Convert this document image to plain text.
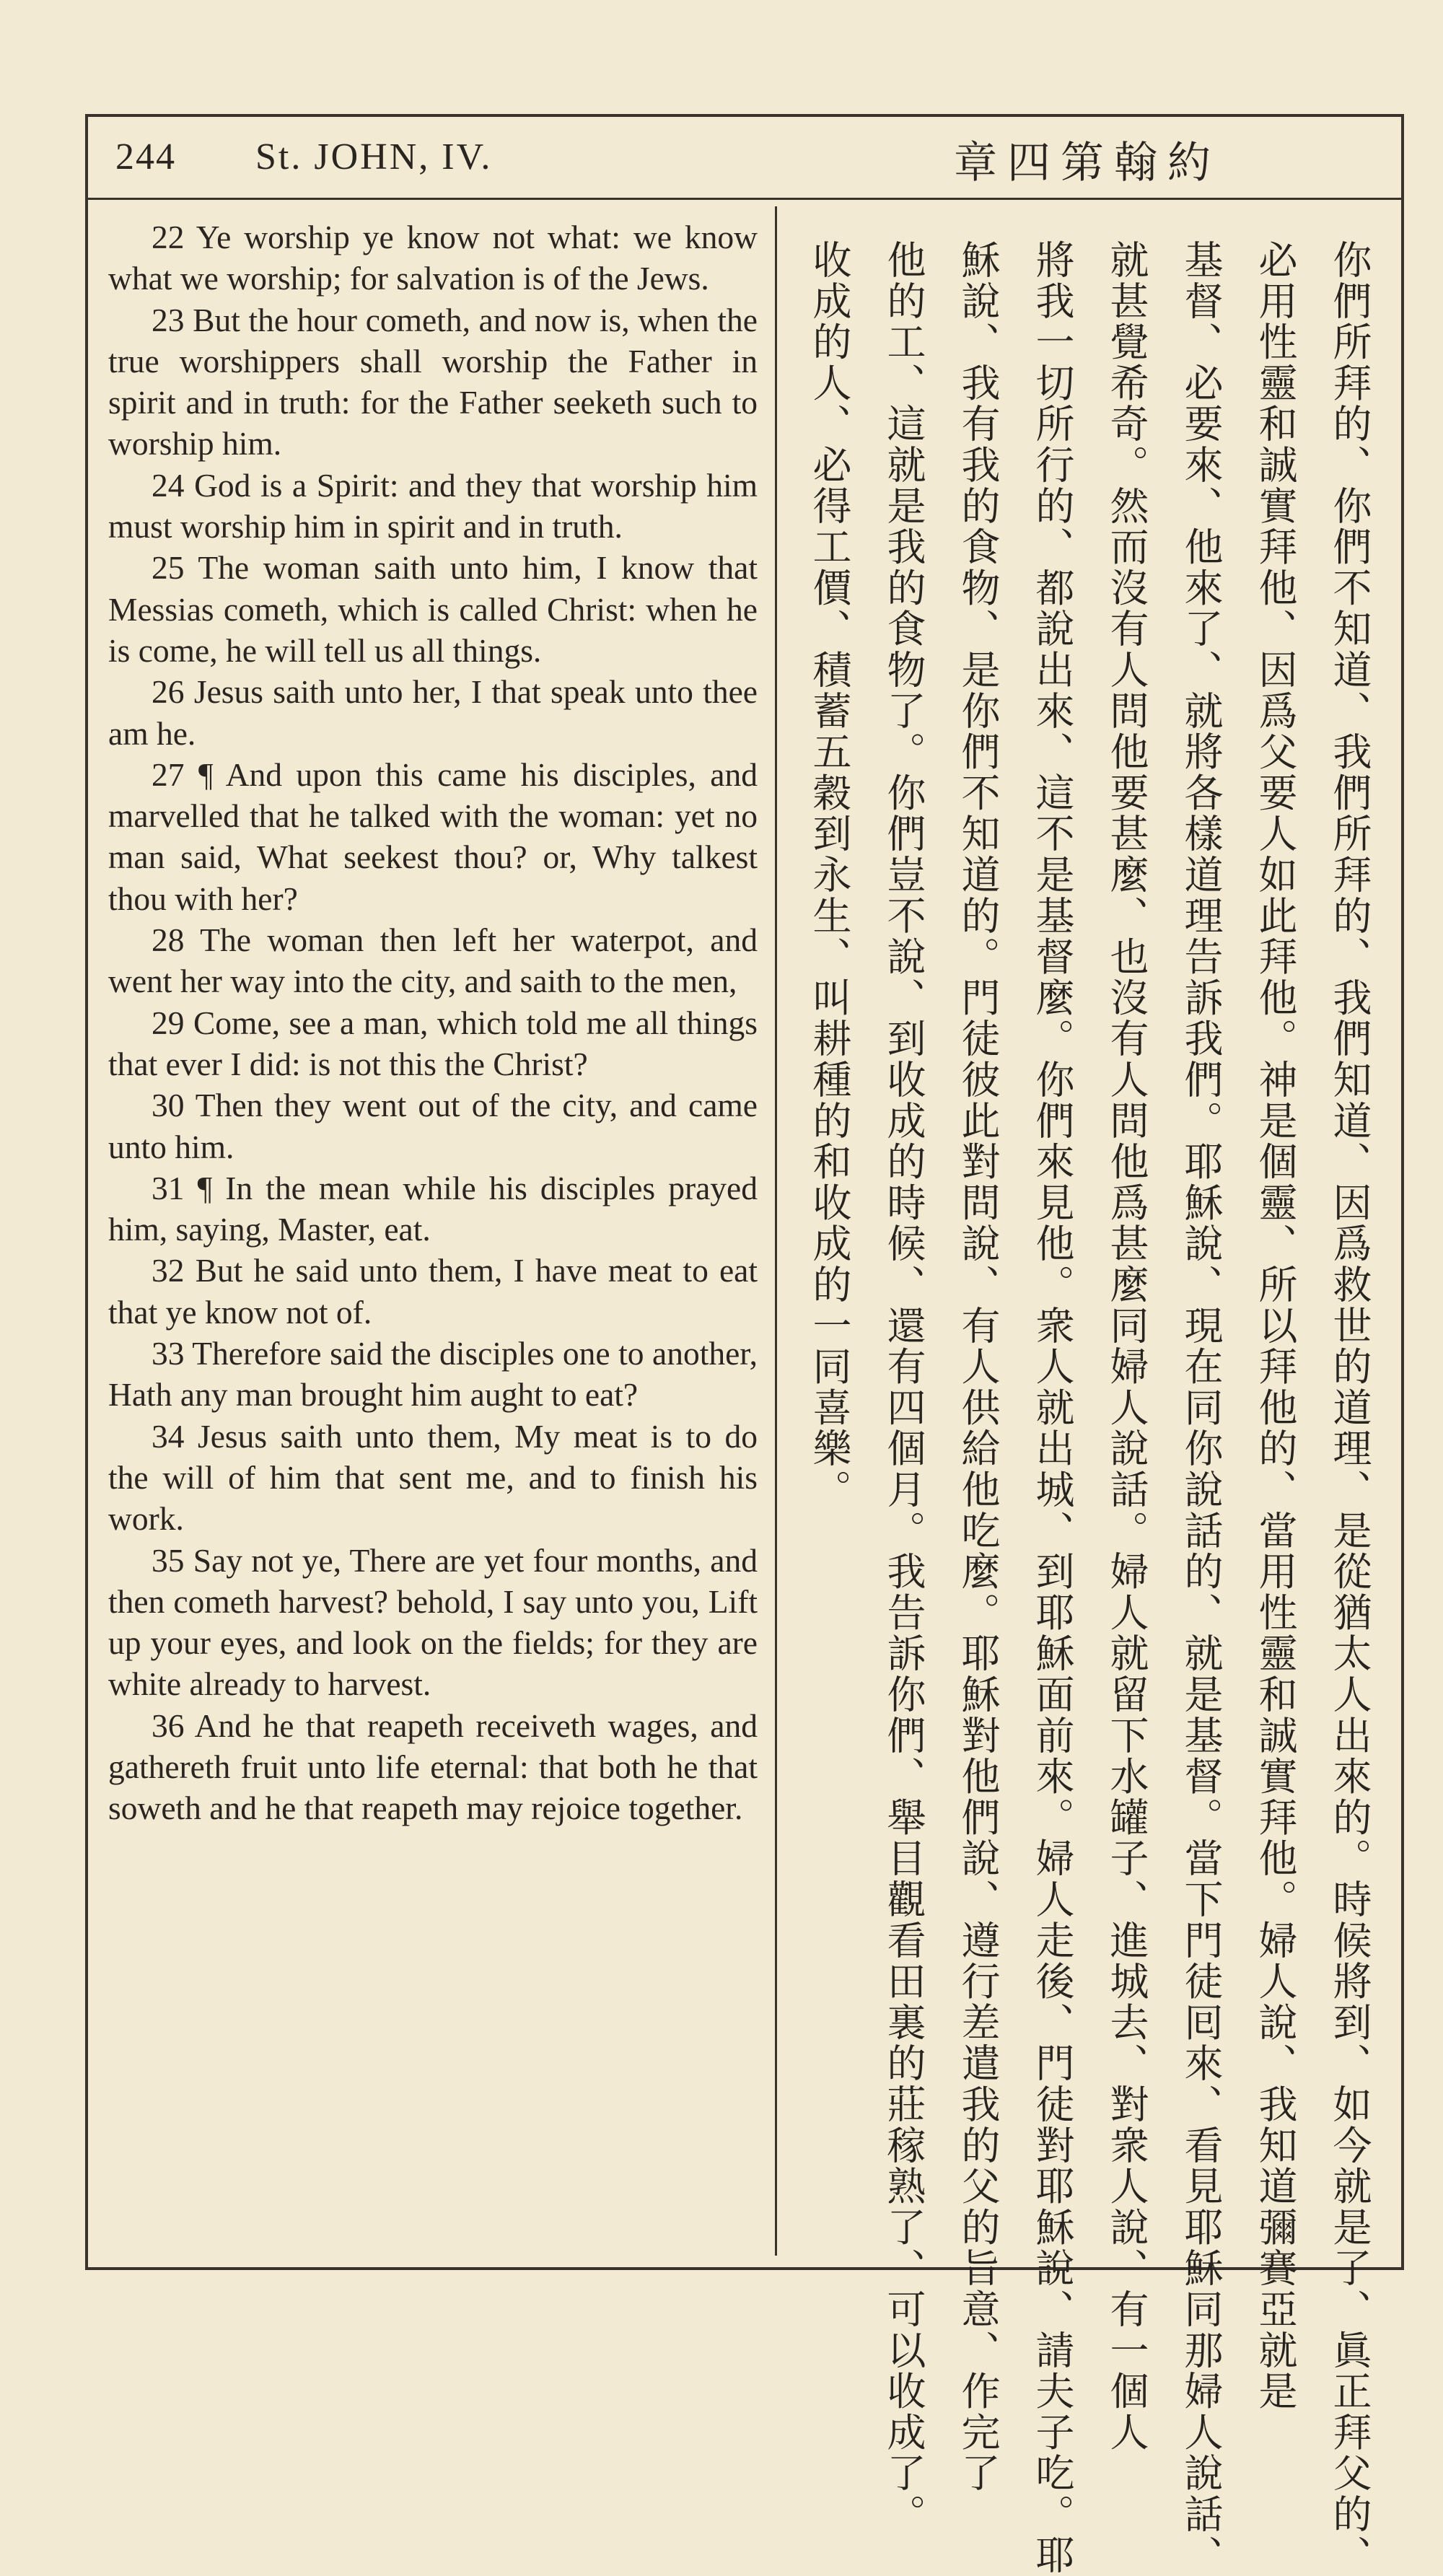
244 St. JOHN, IV.	章四第翰約

22 Ye worship ye know not what: we know what we worship; for salvation is of the Jews.

23 But the hour cometh, and now is, when the true worshippers shall worship the Father in spirit and in truth: for the Father seeketh such to worship him.

24 God is a Spirit: and they that worship him must worship him in spirit and in truth.

25 The woman saith unto him, I know that Messias cometh, which is called Christ: when he is come, he will tell us all things.

26 Jesus saith unto her, I that speak unto thee am he.

27 ¶ And upon this came his disciples, and marvelled that he talked with the woman: yet no man said, What seekest thou? or, Why talkest thou with her?

28 The woman then left her waterpot, and went her way into the city, and saith to the men,

29 Come, see a man, which told me all things that ever I did: is not this the Christ?

30 Then they went out of the city, and came unto him.

31 ¶ In the mean while his disciples prayed him, saying, Master, eat.

32 But he said unto them, I have meat to eat that ye know not of.

33 Therefore said the disciples one to another, Hath any man brought him aught to eat?

34 Jesus saith unto them, My meat is to do the will of him that sent me, and to finish his work.

35 Say not ye, There are yet four months, and then cometh harvest? behold, I say unto you, Lift up your eyes, and look on the fields; for they are white already to harvest.

36 And he that reapeth receiveth wages, and gathereth fruit unto life eternal: that both he that soweth and he that reapeth may rejoice together.	你們所拜的、你們不知道、我們所拜的、我們知道、因爲救世的道理、是從猶太人出來的。時候將到、如今就是了、眞正拜父的、
必用性靈和誠實拜他、因爲父要人如此拜他。神是個靈、所以拜他的、當用性靈和誠實拜他。婦人說、我知道彌賽亞就是
基督、必要來、他來了、就將各樣道理告訴我們。耶穌說、現在同你說話的、就是基督。當下門徒囘來、看見耶穌同那婦人說話、
就甚覺希奇。然而沒有人問他要甚麼、也沒有人問他爲甚麼同婦人說話。婦人就留下水罐子、進城去、對衆人說、有一個人
將我一切所行的、都說出來、這不是基督麼。你們來見他。衆人就出城、到耶穌面前來。婦人走後、門徒對耶穌說、請夫子吃。耶
穌說、我有我的食物、是你們不知道的。門徒彼此對問說、有人供給他吃麼。耶穌對他們說、遵行差遣我的父的旨意、作完了
他的工、這就是我的食物了。你們豈不說、到收成的時候、還有四個月。我告訴你們、舉目觀看田裏的莊稼熟了、可以收成了。
收成的人、必得工價、積蓄五穀到永生、叫耕種的和收成的一同喜樂。
